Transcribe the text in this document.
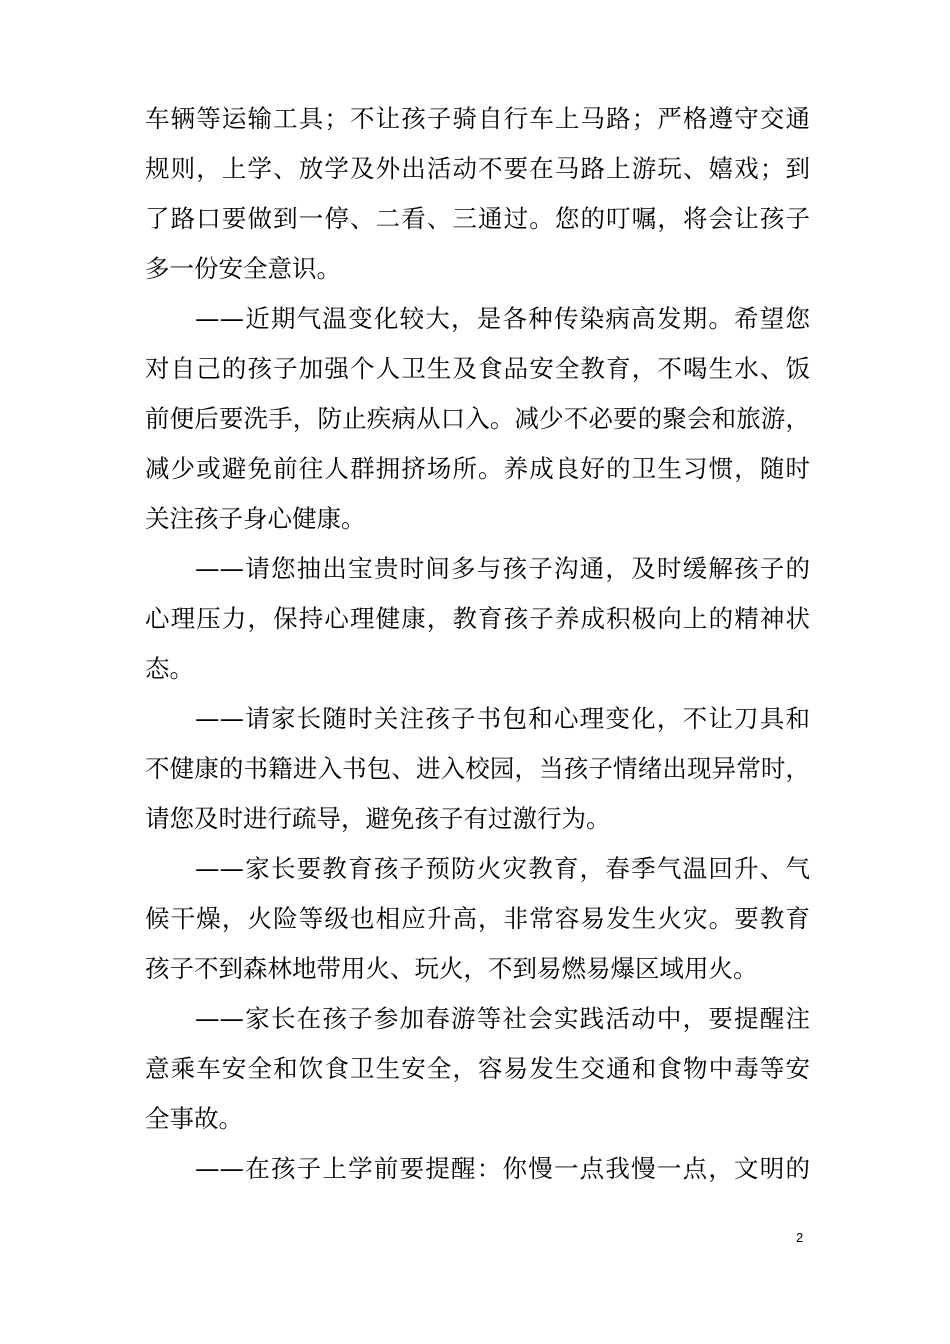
车辆等运输工具；不让孩子骑自行车上马路；严格遵守交通
规则，上学、放学及外出活动不要在马路上游玩、嬉戏；到
了路口要做到一停、二看、三通过。您的叮嘱，将会让孩子
多一份安全意识。
——近期气温变化较大，是各种传染病高发期。希望您
对自己的孩子加强个人卫生及食品安全教育，不喝生水、饭
前便后要洗手，防止疾病从口入。减少不必要的聚会和旅游，
减少或避免前往人群拥挤场所。养成良好的卫生习惯，随时
关注孩子身心健康。
——请您抽出宝贵时间多与孩子沟通，及时缓解孩子的
心理压力，保持心理健康，教育孩子养成积极向上的精神状
态。
——请家长随时关注孩子书包和心理变化，不让刀具和
不健康的书籍进入书包、进入校园，当孩子情绪出现异常时，
请您及时进行疏导，避免孩子有过激行为。
——家长要教育孩子预防火灾教育，春季气温回升、气
候干燥，火险等级也相应升高，非常容易发生火灾。要教育
孩子不到森林地带用火、玩火，不到易燃易爆区域用火。
——家长在孩子参加春游等社会实践活动中，要提醒注
意乘车安全和饮食卫生安全，容易发生交通和食物中毒等安
全事故。
——在孩子上学前要提醒：你慢一点我慢一点，文明的
2
